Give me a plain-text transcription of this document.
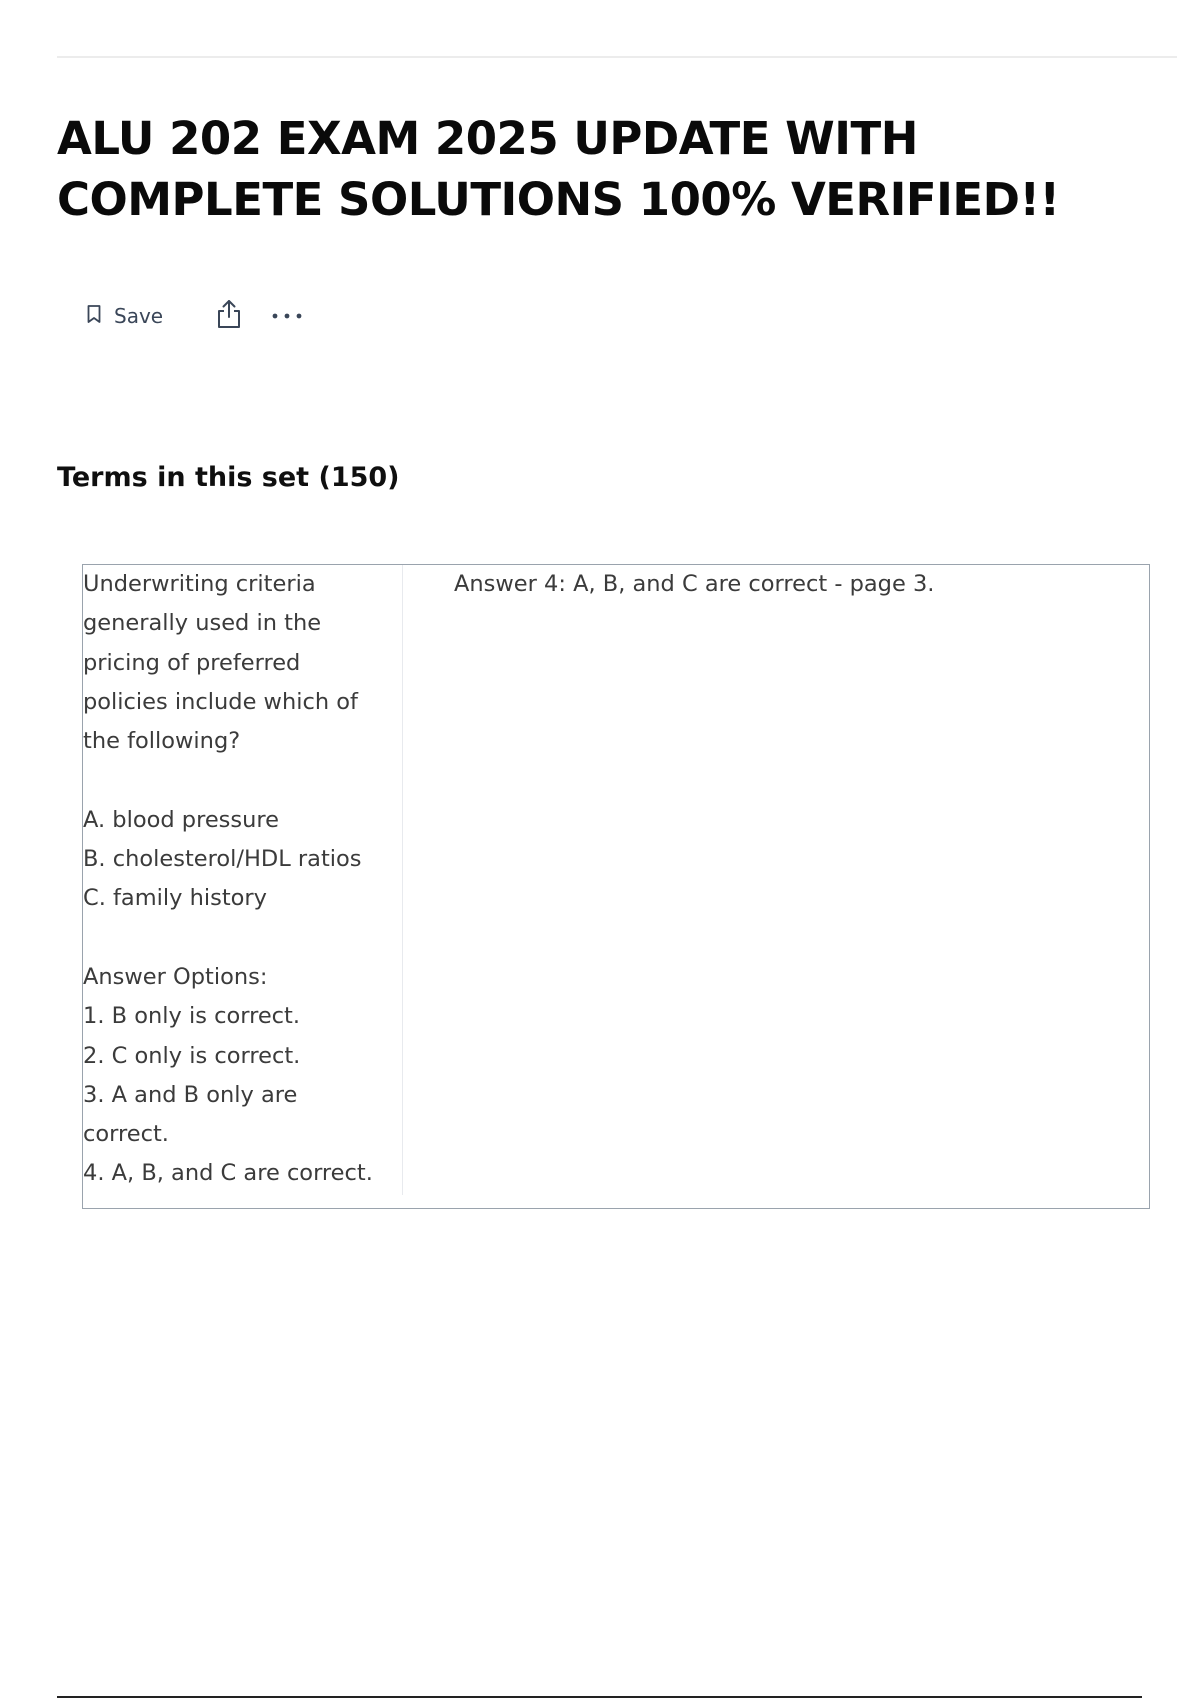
ALU 202 EXAM 2025 UPDATE WITH COMPLETE SOLUTIONS 100% VERIFIED!!
Save
Terms in this set (150)
Underwriting criteria
generally used in the
pricing of preferred
policies include which of
the following?

A. blood pressure
B. cholesterol/HDL ratios
C. family history

Answer Options:
1. B only is correct.
2. C only is correct.
3. A and B only are
correct.
4. A, B, and C are correct.
Answer 4: A, B, and C are correct - page 3.
